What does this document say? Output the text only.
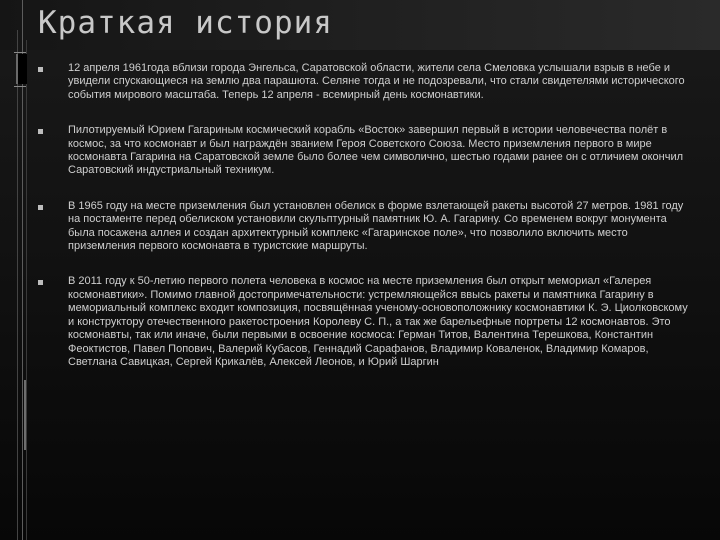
Краткая история

12 апреля 1961года вблизи города Энгельса, Саратовской области, жители села Смеловка услышали взрыв в небе и увидели спускающиеся на землю два парашюта. Селяне тогда и не подозревали, что стали свидетелями исторического события мирового масштаба. Теперь 12 апреля - всемирный день космонавтики.

Пилотируемый Юрием Гагариным космический корабль «Восток» завершил первый в истории человечества полёт в космос, за что космонавт и был награждён званием Героя Советского Союза. Место приземления первого в мире космонавта Гагарина на Саратовской земле было более чем символично, шестью годами ранее он с отличием окончил Саратовский индустриальный техникум.

В 1965 году на месте приземления был установлен обелиск в форме взлетающей ракеты высотой 27 метров. 1981 году на постаменте перед обелиском установили скульптурный памятник Ю. А. Гагарину. Со временем вокруг монумента была посажена аллея и создан архитектурный комплекс «Гагаринское поле», что позволило включить место приземления первого космонавта в туристские маршруты.

В 2011 году к 50-летию первого полета человека в космос на месте приземления был открыт мемориал «Галерея космонавтики». Помимо главной достопримечательности: устремляющейся ввысь ракеты и памятника Гагарину в мемориальный комплекс входит композиция, посвящённая ученому-основоположнику космонавтики К. Э. Циолковскому и конструктору отечественного ракетостроения Королеву С. П., а так же барельефные портреты 12 космонавтов. Это космонавты, так или иначе, были первыми в освоение космоса: Герман Титов, Валентина Терешкова, Константин Феоктистов, Павел Попович, Валерий Кубасов, Геннадий Сарафанов, Владимир Коваленок, Владимир Комаров, Светлана Савицкая, Сергей Крикалёв, Алексей Леонов, и Юрий Шаргин
